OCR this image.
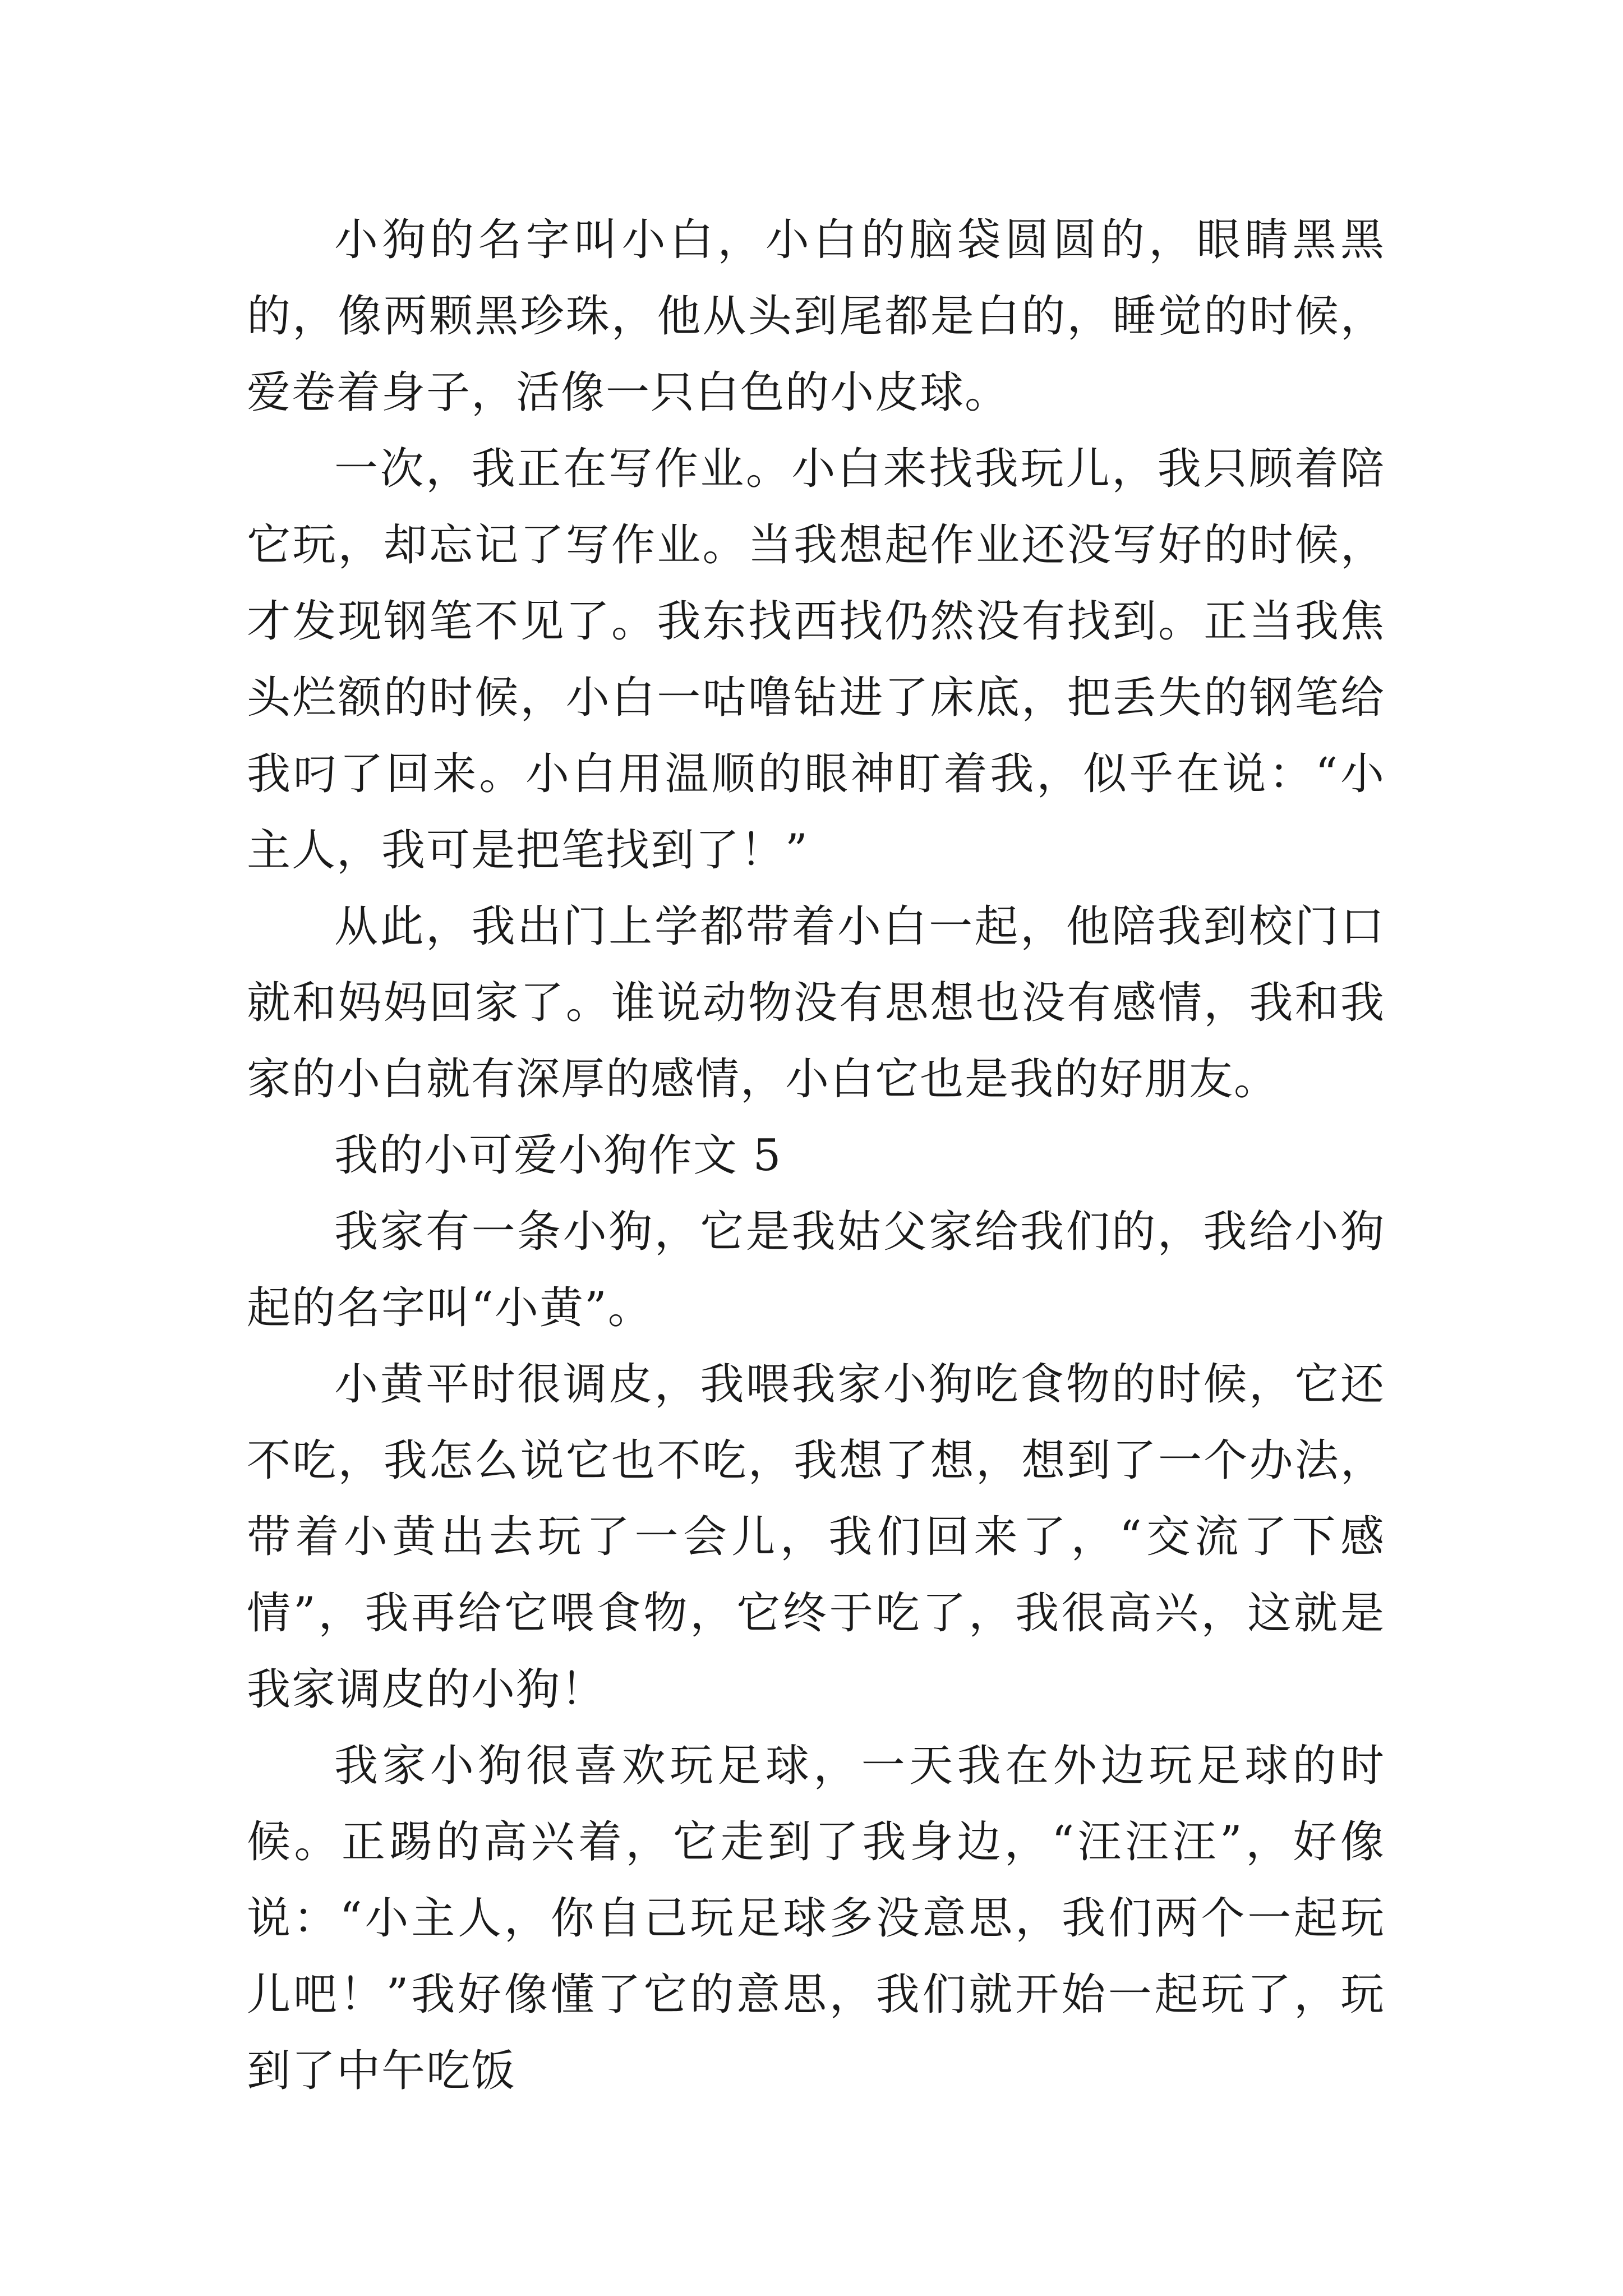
小狗的名字叫小白，小白的脑袋圆圆的，眼睛黑黑的，像两颗黑珍珠，他从头到尾都是白的，睡觉的时候，爱卷着身子，活像一只白色的小皮球。

一次，我正在写作业。小白来找我玩儿，我只顾着陪它玩，却忘记了写作业。当我想起作业还没写好的时候，才发现钢笔不见了。我东找西找仍然没有找到。正当我焦头烂额的时候，小白一咕噜钻进了床底，把丢失的钢笔给我叼了回来。小白用温顺的眼神盯着我，似乎在说：“小主人，我可是把笔找到了！”

从此，我出门上学都带着小白一起，他陪我到校门口就和妈妈回家了。谁说动物没有思想也没有感情，我和我家的小白就有深厚的感情，小白它也是我的好朋友。

我的小可爱小狗作文 5

我家有一条小狗，它是我姑父家给我们的，我给小狗起的名字叫“小黄”。

小黄平时很调皮，我喂我家小狗吃食物的时候，它还不吃，我怎么说它也不吃，我想了想，想到了一个办法，带着小黄出去玩了一会儿，我们回来了，“交流了下感情”，我再给它喂食物，它终于吃了，我很高兴，这就是我家调皮的小狗！

我家小狗很喜欢玩足球，一天我在外边玩足球的时候。正踢的高兴着，它走到了我身边，“汪汪汪”，好像说：“小主人，你自己玩足球多没意思，我们两个一起玩儿吧！”我好像懂了它的意思，我们就开始一起玩了，玩到了中午吃饭
